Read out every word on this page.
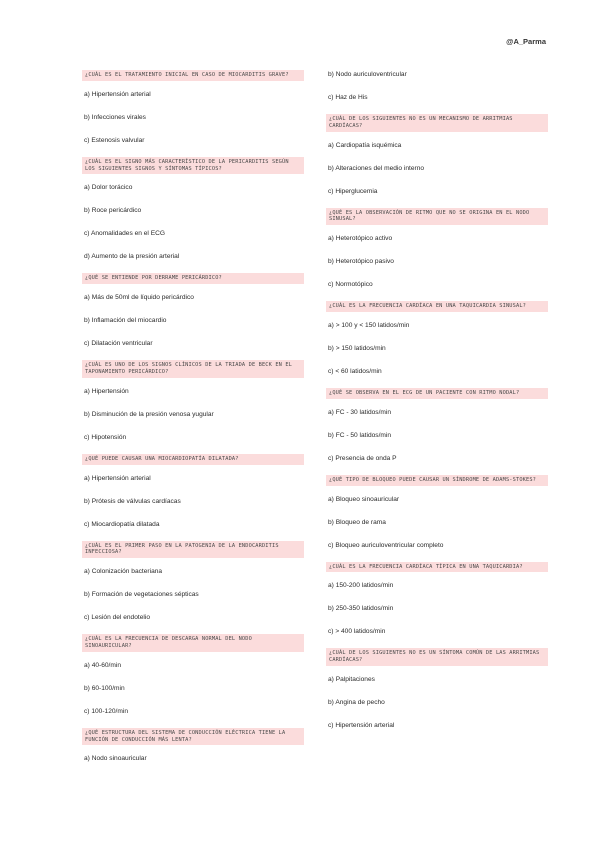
@A_Parma
¿CUÁL ES EL TRATAMIENTO INICIAL EN CASO DE MIOCARDITIS GRAVE?
a) Hipertensión arterial
b) Infecciones virales
c) Estenosis valvular
¿CUÁL ES EL SIGNO MÁS CARACTERÍSTICO DE LA PERICARDITIS SEGÚN LOS SIGUIENTES SIGNOS Y SÍNTOMAS TÍPICOS?
a) Dolor torácico
b) Roce pericárdico
c) Anomalidades en el ECG
d) Aumento de la presión arterial
¿QUÉ SE ENTIENDE POR DERRAME PERICÁRDICO?
a) Más de 50ml de líquido pericárdico
b) Inflamación del miocardio
c) Dilatación ventricular
¿CUÁL ES UNO DE LOS SIGNOS CLÍNICOS DE LA TRIADA DE BECK EN EL TAPONAMIENTO PERICÁRDICO?
a) Hipertensión
b) Disminución de la presión venosa yugular
c) Hipotensión
¿QUÉ PUEDE CAUSAR UNA MIOCARDIOPATÍA DILATADA?
a) Hipertensión arterial
b) Prótesis de válvulas cardíacas
c) Miocardiopatía dilatada
¿CUÁL ES EL PRIMER PASO EN LA PATOGENIA DE LA ENDOCARDITIS INFECCIOSA?
a) Colonización bacteriana
b) Formación de vegetaciones sépticas
c) Lesión del endotelio
¿CUÁL ES LA FRECUENCIA DE DESCARGA NORMAL DEL NODO SINOAURICULAR?
a) 40-60/min
b) 60-100/min
c) 100-120/min
¿QUÉ ESTRUCTURA DEL SISTEMA DE CONDUCCIÓN ELÉCTRICA TIENE LA FUNCIÓN DE CONDUCCIÓN MÁS LENTA?
a) Nodo sinoauricular
b) Nodo auriculoventricular
c) Haz de His
¿CUÁL DE LOS SIGUIENTES NO ES UN MECANISMO DE ARRITMIAS CARDÍACAS?
a) Cardiopatía isquémica
b) Alteraciones del medio interno
c) Hiperglucemia
¿QUÉ ES LA OBSERVACIÓN DE RITMO QUE NO SE ORIGINA EN EL NODO SINUSAL?
a) Heterotópico activo
b) Heterotópico pasivo
c) Normotópico
¿CUÁL ES LA FRECUENCIA CARDÍACA EN UNA TAQUICARDIA SINUSAL?
a) > 100 y < 150 latidos/min
b) > 150 latidos/min
c) < 60 latidos/min
¿QUÉ SE OBSERVA EN EL ECG DE UN PACIENTE CON RITMO NODAL?
a) FC - 30 latidos/min
b) FC - 50 latidos/min
c) Presencia de onda P
¿QUÉ TIPO DE BLOQUEO PUEDE CAUSAR UN SÍNDROME DE ADAMS-STOKES?
a) Bloqueo sinoauricular
b) Bloqueo de rama
c) Bloqueo auriculoventricular completo
¿CUÁL ES LA FRECUENCIA CARDÍACA TÍPICA EN UNA TAQUICARDIA?
a) 150-200 latidos/min
b) 250-350 latidos/min
c) > 400 latidos/min
¿CUÁL DE LOS SIGUIENTES NO ES UN SÍNTOMA COMÚN DE LAS ARRITMIAS CARDÍACAS?
a) Palpitaciones
b) Angina de pecho
c) Hipertensión arterial
